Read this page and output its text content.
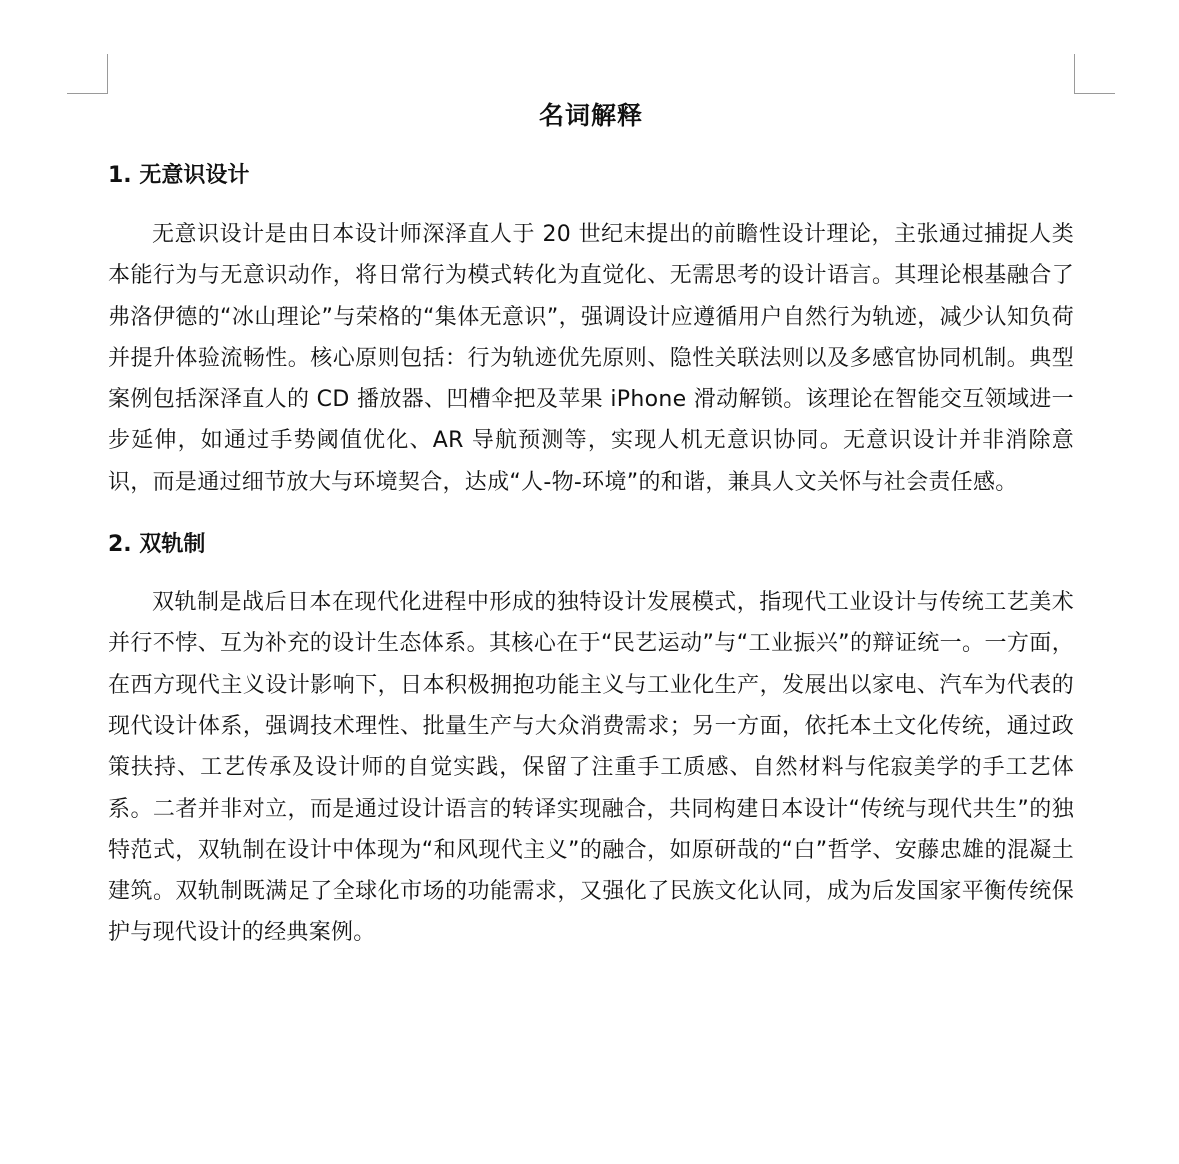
名词解释
1. 无意识设计

无意识设计是由日本设计师深泽直人于 20 世纪末提出的前瞻性设计理论，主张通过捕捉人类本能行为与无意识动作，将日常行为模式转化为直觉化、无需思考的设计语言。其理论根基融合了弗洛伊德的“冰山理论”与荣格的“集体无意识”，强调设计应遵循用户自然行为轨迹，减少认知负荷并提升体验流畅性。核心原则包括：行为轨迹优先原则、隐性关联法则以及多感官协同机制。典型案例包括深泽直人的 CD 播放器、凹槽伞把及苹果 iPhone 滑动解锁。该理论在智能交互领域进一步延伸，如通过手势阈值优化、AR 导航预测等，实现人机无意识协同。无意识设计并非消除意识，而是通过细节放大与环境契合，达成“人-物-环境”的和谐，兼具人文关怀与社会责任感。

2. 双轨制

双轨制是战后日本在现代化进程中形成的独特设计发展模式，指现代工业设计与传统工艺美术并行不悖、互为补充的设计生态体系。其核心在于“民艺运动”与“工业振兴”的辩证统一。一方面，在西方现代主义设计影响下，日本积极拥抱功能主义与工业化生产，发展出以家电、汽车为代表的现代设计体系，强调技术理性、批量生产与大众消费需求；另一方面，依托本土文化传统，通过政策扶持、工艺传承及设计师的自觉实践，保留了注重手工质感、自然材料与侘寂美学的手工艺体系。二者并非对立，而是通过设计语言的转译实现融合，共同构建日本设计“传统与现代共生”的独特范式，双轨制在设计中体现为“和风现代主义”的融合，如原研哉的“白”哲学、安藤忠雄的混凝土建筑。双轨制既满足了全球化市场的功能需求，又强化了民族文化认同，成为后发国家平衡传统保护与现代设计的经典案例。
